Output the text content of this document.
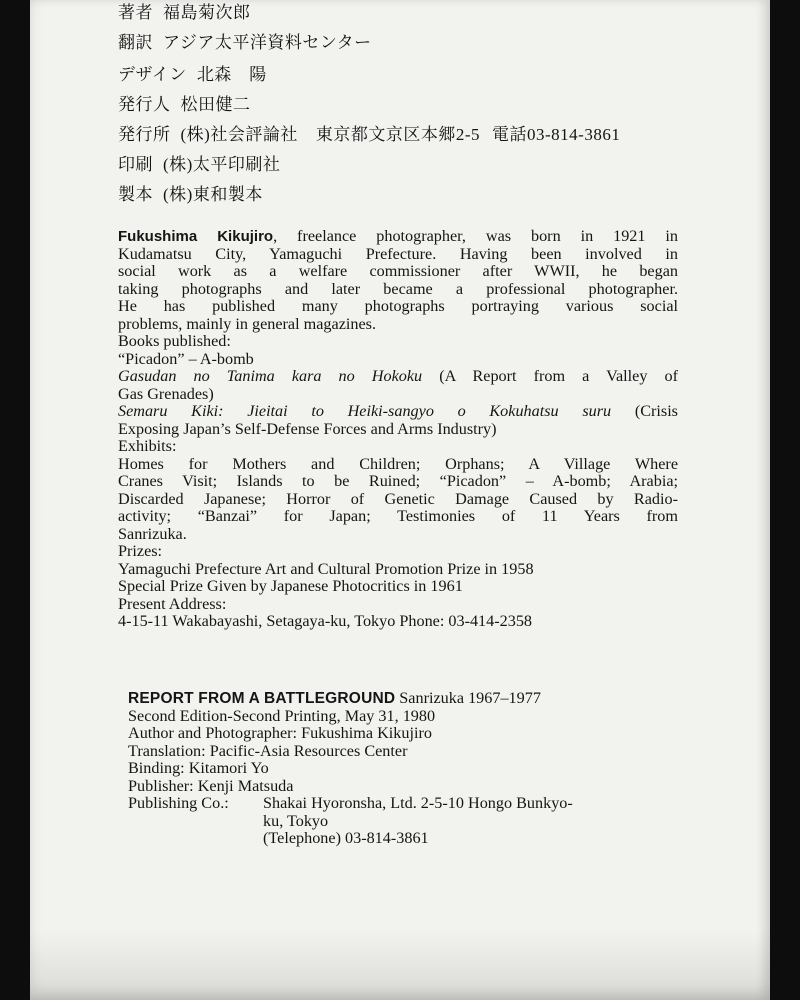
著者 福島菊次郎
翻訳 アジア太平洋資料センター
デザイン 北森　陽
発行人 松田健二
発行所 (株)社会評論社 東京都文京区本郷2-5 電話03-814-3861
印刷 (株)太平印刷社
製本 (株)東和製本
Fukushima Kikujiro, freelance photographer, was born in 1921 in
Kudamatsu City, Yamaguchi Prefecture. Having been involved in
social work as a welfare commissioner after WWII, he began
taking photographs and later became a professional photographer.
He has published many photographs portraying various social
problems, mainly in general magazines.
Books published:
“Picadon” – A-bomb
Gasudan no Tanima kara no Hokoku (A Report from a Valley of
Gas Grenades)
Semaru Kiki: Jieitai to Heiki-sangyo o Kokuhatsu suru (Crisis
Exposing Japan’s Self-Defense Forces and Arms Industry)
Exhibits:
Homes for Mothers and Children; Orphans; A Village Where
Cranes Visit; Islands to be Ruined; “Picadon” – A-bomb; Arabia;
Discarded Japanese; Horror of Genetic Damage Caused by Radio-
activity; “Banzai” for Japan; Testimonies of 11 Years from
Sanrizuka.
Prizes:
Yamaguchi Prefecture Art and Cultural Promotion Prize in 1958
Special Prize Given by Japanese Photocritics in 1961
Present Address:
4-15-11 Wakabayashi, Setagaya-ku, Tokyo Phone: 03-414-2358
REPORT FROM A BATTLEGROUND Sanrizuka 1967–1977
Second Edition-Second Printing, May 31, 1980
Author and Photographer: Fukushima Kikujiro
Translation: Pacific-Asia Resources Center
Binding: Kitamori Yo
Publisher: Kenji Matsuda
Publishing Co.:	Shakai Hyoronsha, Ltd. 2-5-10 Hongo Bunkyo-
ku, Tokyo
(Telephone) 03-814-3861
